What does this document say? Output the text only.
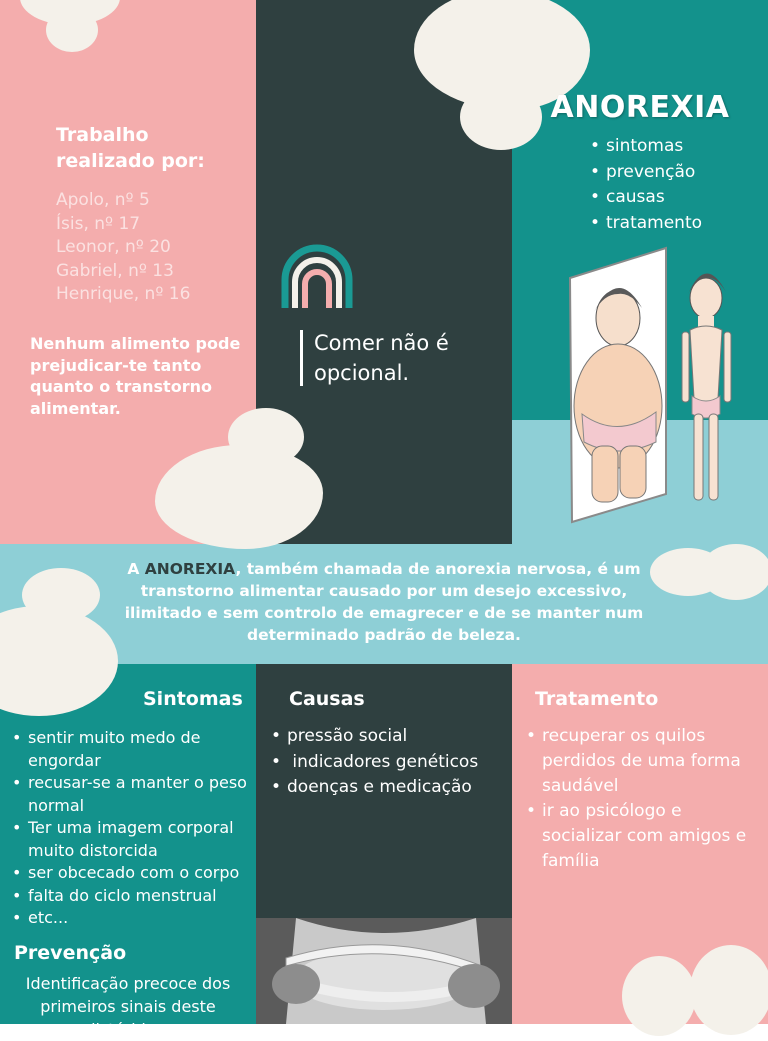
Trabalho realizado por:
Apolo, nº 5
Ísis, nº 17
Leonor, nº 20
Gabriel, nº 13
Henrique, nº 16
Nenhum alimento pode prejudicar-te tanto quanto o transtorno alimentar.
Comer não é opcional.
ANOREXIA
• sintomas
• prevenção
• causas
• tratamento
A ANOREXIA, também chamada de anorexia nervosa, é um transtorno alimentar causado por um desejo excessivo, ilimitado e sem controlo de emagrecer e de se manter num determinado padrão de beleza.
Sintomas
• sentir muito medo de engordar
• recusar-se a manter o peso normal
• Ter uma imagem corporal muito distorcida
• ser obcecado com o corpo
• falta do ciclo menstrual
• etc...
Prevenção
Identificação precoce dos primeiros sinais deste distúrbio...
Causas
• pressão social
•  indicadores genéticos
• doenças e medicação
Tratamento
• recuperar os quilos perdidos de uma forma saudável
• ir ao psicólogo e socializar com amigos e família
